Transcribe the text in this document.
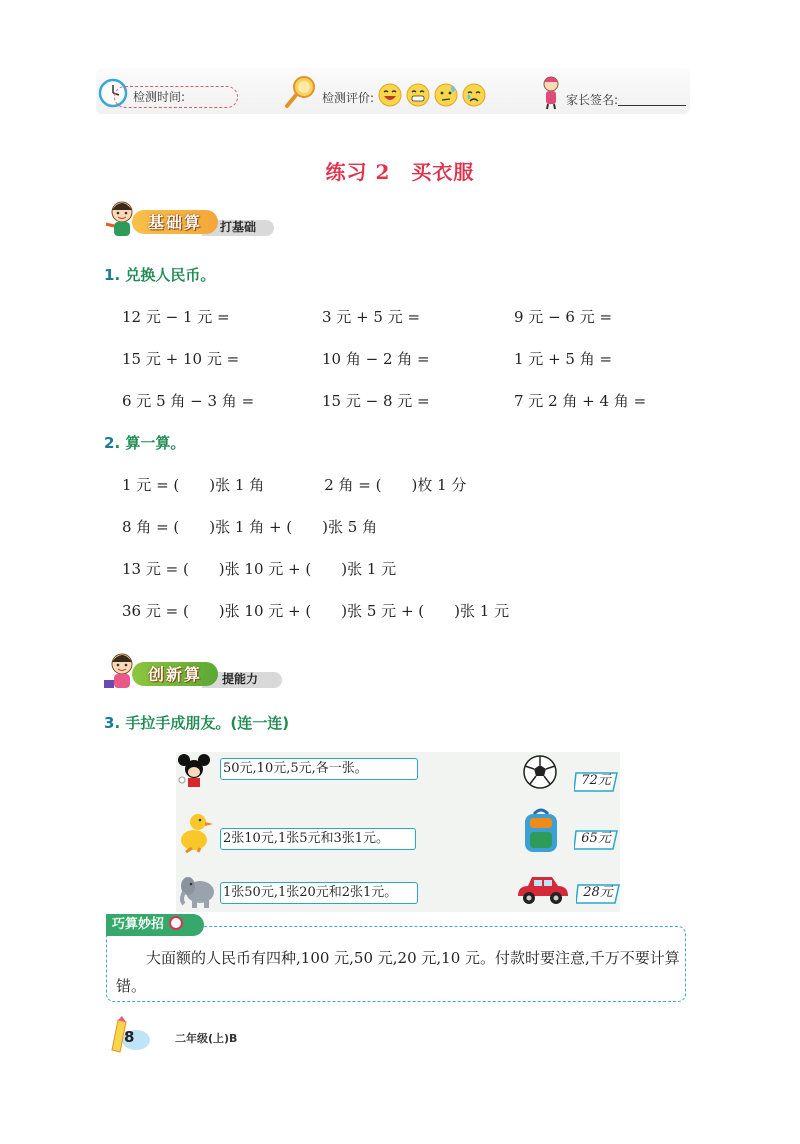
检测时间:	检测评价:	家长签名:
练习 2　买衣服
基础算 打基础
1. 兑换人民币。
12 元 − 1 元 =	3 元 + 5 元 =	9 元 − 6 元 =
15 元 + 10 元 =	10 角 − 2 角 =	1 元 + 5 角 =
6 元 5 角 − 3 角 =	15 元 − 8 元 =	7 元 2 角 + 4 角 =
2. 算一算。
1 元 = (　　)张 1 角　　　　2 角 = (　　)枚 1 分
8 角 = (　　)张 1 角 + (　　)张 5 角
13 元 = (　　)张 10 元 + (　　)张 1 元
36 元 = (　　)张 10 元 + (　　)张 5 元 + (　　)张 1 元
创新算 提能力
3. 手拉手成朋友。(连一连)
50元,10元,5元,各一张。
2张10元,1张5元和3张1元。
1张50元,1张20元和2张1元。
72元
65元
28元
巧算妙招
大面额的人民币有四种,100 元,50 元,20 元,10 元。付款时要注意,千万不要计算错。
8	二年级(上)B
